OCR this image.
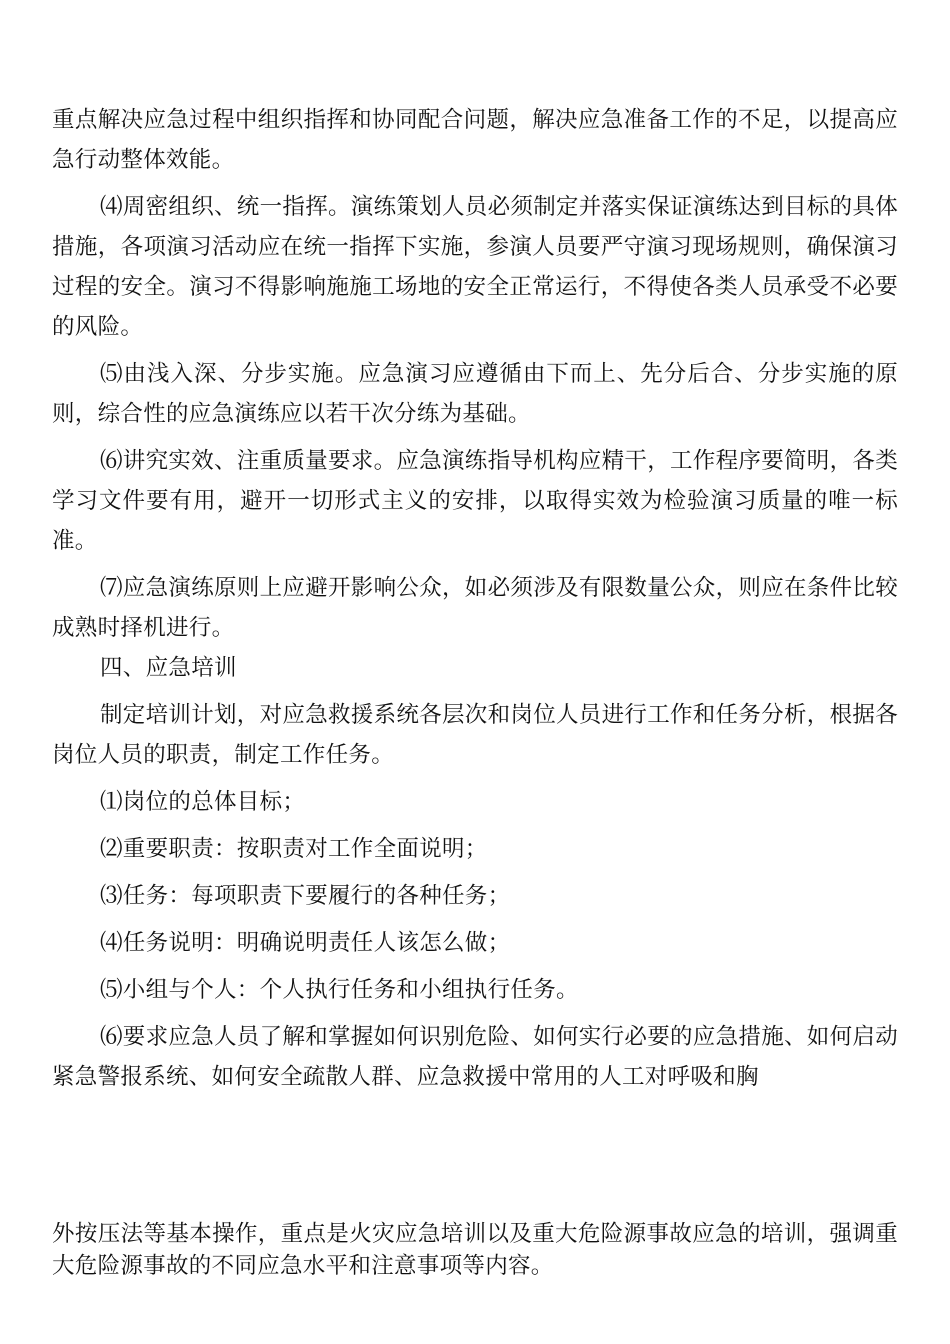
重点解决应急过程中组织指挥和协同配合问题，解决应急准备工作的不足，以提高应急行动整体效能。

⑷周密组织、统一指挥。演练策划人员必须制定并落实保证演练达到目标的具体措施，各项演习活动应在统一指挥下实施，参演人员要严守演习现场规则，确保演习过程的安全。演习不得影响施施工场地的安全正常运行，不得使各类人员承受不必要的风险。

⑸由浅入深、分步实施。应急演习应遵循由下而上、先分后合、分步实施的原则，综合性的应急演练应以若干次分练为基础。

⑹讲究实效、注重质量要求。应急演练指导机构应精干，工作程序要简明，各类学习文件要有用，避开一切形式主义的安排，以取得实效为检验演习质量的唯一标准。

⑺应急演练原则上应避开影响公众，如必须涉及有限数量公众，则应在条件比较成熟时择机进行。

四、应急培训

制定培训计划，对应急救援系统各层次和岗位人员进行工作和任务分析，根据各岗位人员的职责，制定工作任务。

⑴岗位的总体目标；

⑵重要职责：按职责对工作全面说明；

⑶任务：每项职责下要履行的各种任务；

⑷任务说明：明确说明责任人该怎么做；

⑸小组与个人：个人执行任务和小组执行任务。

⑹要求应急人员了解和掌握如何识别危险、如何实行必要的应急措施、如何启动紧急警报系统、如何安全疏散人群、应急救援中常用的人工对呼吸和胸

外按压法等基本操作，重点是火灾应急培训以及重大危险源事故应急的培训，强调重大危险源事故的不同应急水平和注意事项等内容。
